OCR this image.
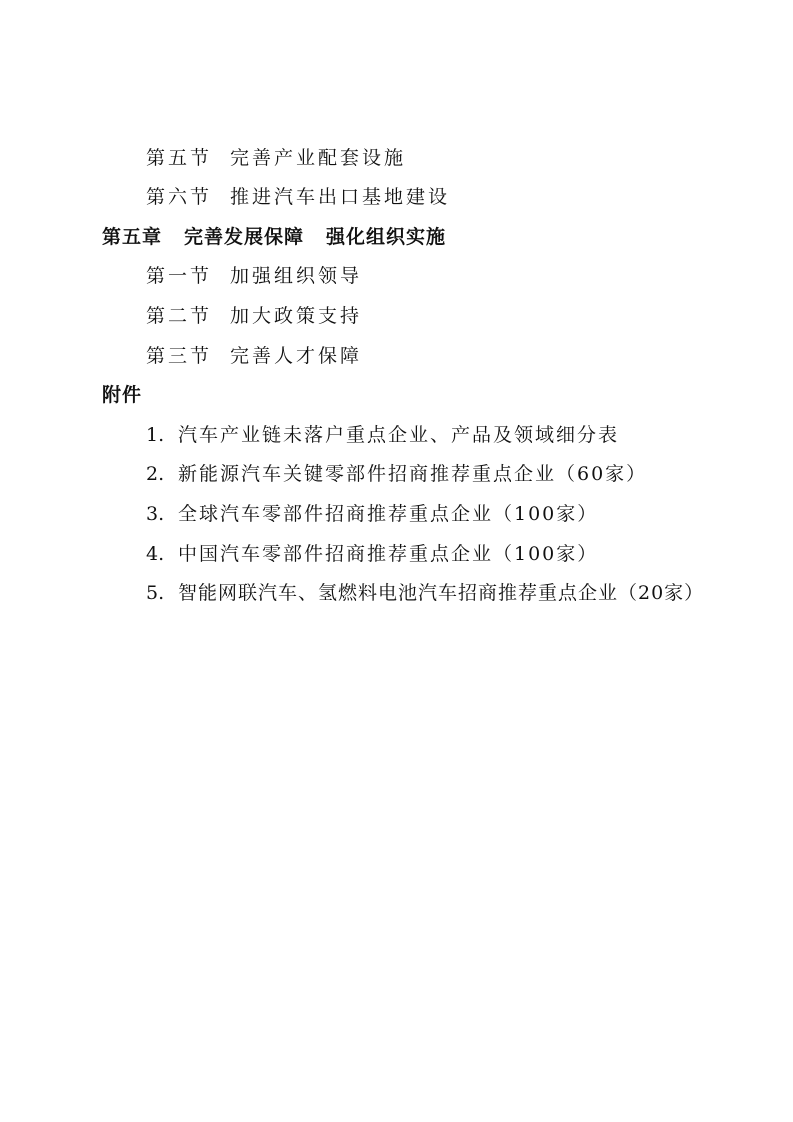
第五节 完善产业配套设施
第六节 推进汽车出口基地建设
第五章 完善发展保障 强化组织实施
第一节 加强组织领导
第二节 加大政策支持
第三节 完善人才保障
附件
1. 汽车产业链未落户重点企业、产品及领域细分表
2. 新能源汽车关键零部件招商推荐重点企业（60家）
3. 全球汽车零部件招商推荐重点企业（100家）
4. 中国汽车零部件招商推荐重点企业（100家）
5. 智能网联汽车、氢燃料电池汽车招商推荐重点企业（20家）
